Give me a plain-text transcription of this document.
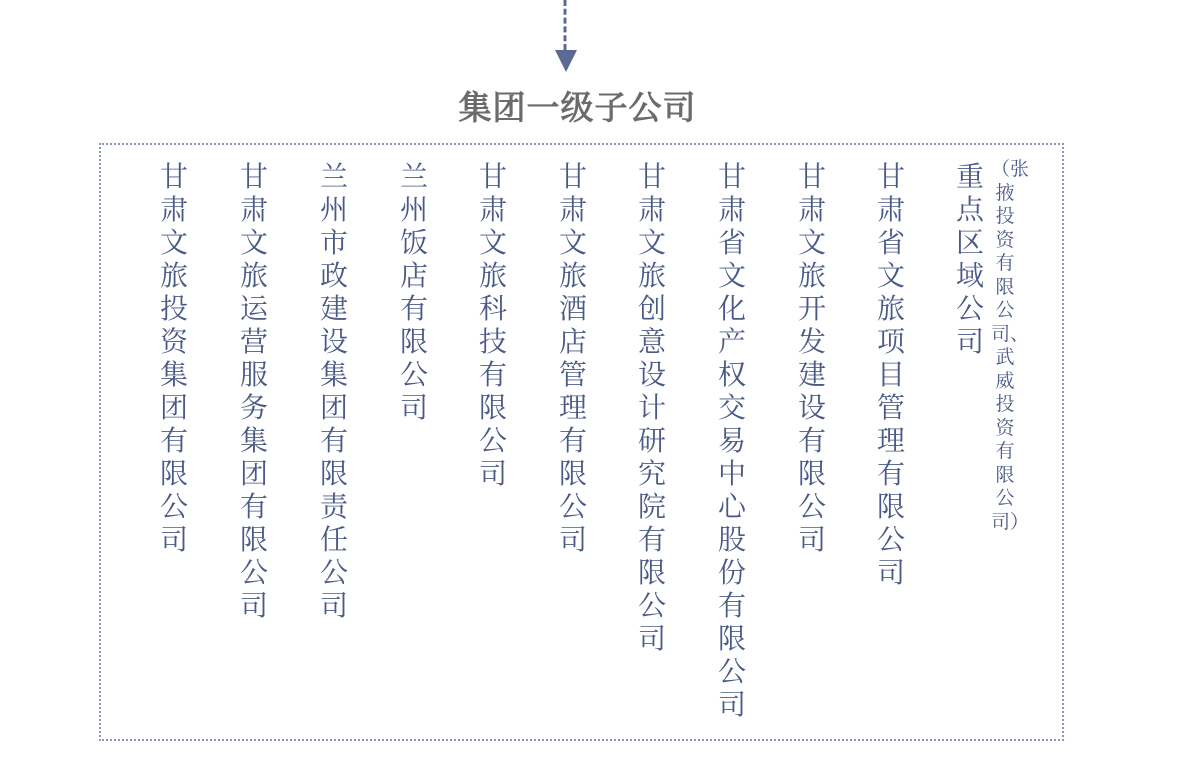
集团一级子公司
甘肃文旅投资集团有限公司
甘肃文旅运营服务集团有限公司
兰州市政建设集团有限责任公司
兰州饭店有限公司
甘肃文旅科技有限公司
甘肃文旅酒店管理有限公司
甘肃文旅创意设计研究院有限公司
甘肃省文化产权交易中心股份有限公司
甘肃文旅开发建设有限公司
甘肃省文旅项目管理有限公司
重点区域公司
（张掖投资有限公司、武威投资有限公司）
